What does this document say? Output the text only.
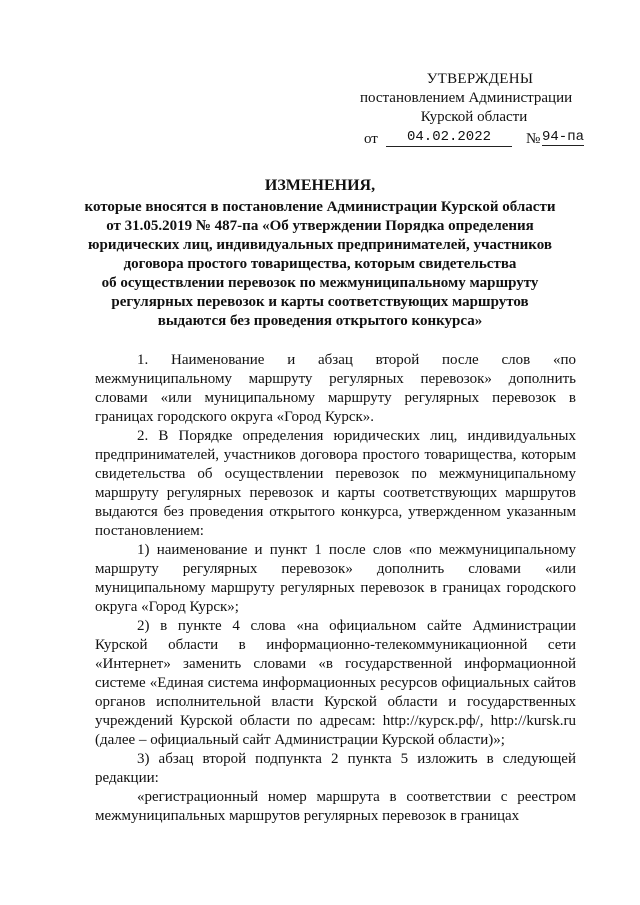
УТВЕРЖДЕНЫ
постановлением Администрации
Курской области
от	04.02.2022	№ 94-па
ИЗМЕНЕНИЯ,
которые вносятся в постановление Администрации Курской области
от 31.05.2019 № 487-па «Об утверждении Порядка определения
юридических лиц, индивидуальных предпринимателей, участников
договора простого товарищества, которым свидетельства
об осуществлении перевозок по межмуниципальному маршруту
регулярных перевозок и карты соответствующих маршрутов
выдаются без проведения открытого конкурса»

1. Наименование и абзац второй после слов «по межмуниципальному маршруту регулярных перевозок» дополнить словами «или муниципальному маршруту регулярных перевозок в границах городского округа «Город Курск».

2. В Порядке определения юридических лиц, индивидуальных предпринимателей, участников договора простого товарищества, которым свидетельства об осуществлении перевозок по межмуниципальному маршруту регулярных перевозок и карты соответствующих маршрутов выдаются без проведения открытого конкурса, утвержденном указанным постановлением:

1) наименование и пункт 1 после слов «по межмуниципальному маршруту регулярных перевозок» дополнить словами «или муниципальному маршруту регулярных перевозок в границах городского округа «Город Курск»;

2) в пункте 4 слова «на официальном сайте Администрации Курской области в информационно-телекоммуникационной сети «Интернет» заменить словами «в государственной информационной системе «Единая система информационных ресурсов официальных сайтов органов исполнительной власти Курской области и государственных учреждений Курской области по адресам: http://курск.рф/, http://kursk.ru (далее – официальный сайт Администрации Курской области)»;

3) абзац второй подпункта 2 пункта 5 изложить в следующей редакции:

«регистрационный номер маршрута в соответствии с реестром межмуниципальных маршрутов регулярных перевозок в границах
